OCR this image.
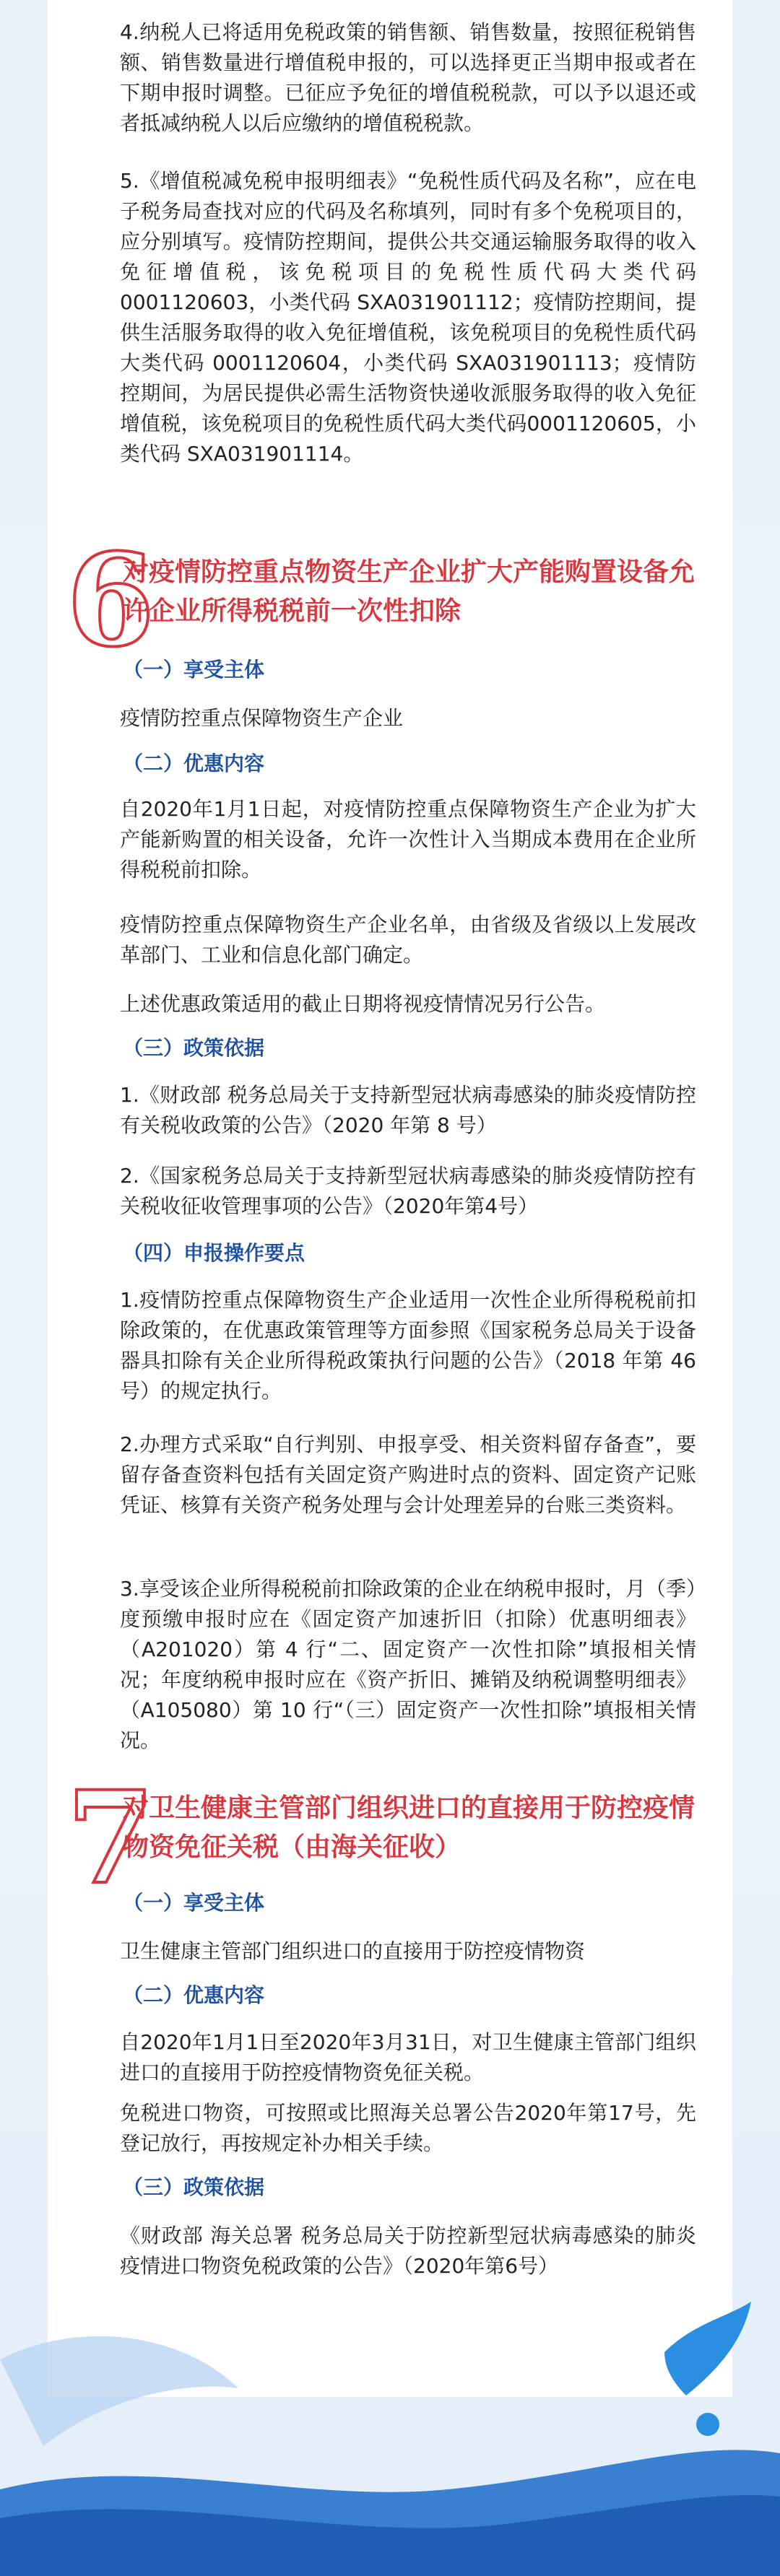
4.纳税人已将适用免税政策的销售额、销售数量，按照征税销售额、销售数量进行增值税申报的，可以选择更正当期申报或者在下期申报时调整。已征应予免征的增值税税款，可以予以退还或者抵减纳税人以后应缴纳的增值税税款。

5.《增值税减免税申报明细表》“免税性质代码及名称”，应在电子税务局查找对应的代码及名称填列，同时有多个免税项目的，应分别填写。疫情防控期间，提供公共交通运输服务取得的收入免征增值税，该免税项目的免税性质代码大类代码0001120603，小类代码 SXA031901112；疫情防控期间，提供生活服务取得的收入免征增值税，该免税项目的免税性质代码大类代码 0001120604，小类代码 SXA031901113；疫情防控期间，为居民提供必需生活物资快递收派服务取得的收入免征增值税，该免税项目的免税性质代码大类代码0001120605，小类代码 SXA031901114。

6

对疫情防控重点物资生产企业扩大产能购置设备允许企业所得税税前一次性扣除

（一）享受主体

疫情防控重点保障物资生产企业

（二）优惠内容

自2020年1月1日起，对疫情防控重点保障物资生产企业为扩大产能新购置的相关设备，允许一次性计入当期成本费用在企业所得税税前扣除。

疫情防控重点保障物资生产企业名单，由省级及省级以上发展改革部门、工业和信息化部门确定。

上述优惠政策适用的截止日期将视疫情情况另行公告。

（三）政策依据

1.《财政部 税务总局关于支持新型冠状病毒感染的肺炎疫情防控有关税收政策的公告》（2020 年第 8 号）

2.《国家税务总局关于支持新型冠状病毒感染的肺炎疫情防控有关税收征收管理事项的公告》（2020年第4号）

（四）申报操作要点

1.疫情防控重点保障物资生产企业适用一次性企业所得税税前扣除政策的，在优惠政策管理等方面参照《国家税务总局关于设备器具扣除有关企业所得税政策执行问题的公告》（2018 年第 46 号）的规定执行。

2.办理方式采取“自行判别、申报享受、相关资料留存备查”，要留存备查资料包括有关固定资产购进时点的资料、固定资产记账凭证、核算有关资产税务处理与会计处理差异的台账三类资料。

3.享受该企业所得税税前扣除政策的企业在纳税申报时，月（季）度预缴申报时应在《固定资产加速折旧（扣除）优惠明细表》（A201020）第 4 行“二、固定资产一次性扣除”填报相关情况；年度纳税申报时应在《资产折旧、摊销及纳税调整明细表》（A105080）第 10 行“（三）固定资产一次性扣除”填报相关情况。

7

对卫生健康主管部门组织进口的直接用于防控疫情物资免征关税（由海关征收）

（一）享受主体

卫生健康主管部门组织进口的直接用于防控疫情物资

（二）优惠内容

自2020年1月1日至2020年3月31日，对卫生健康主管部门组织进口的直接用于防控疫情物资免征关税。

免税进口物资，可按照或比照海关总署公告2020年第17号，先登记放行，再按规定补办相关手续。

（三）政策依据

《财政部 海关总署 税务总局关于防控新型冠状病毒感染的肺炎疫情进口物资免税政策的公告》（2020年第6号）
